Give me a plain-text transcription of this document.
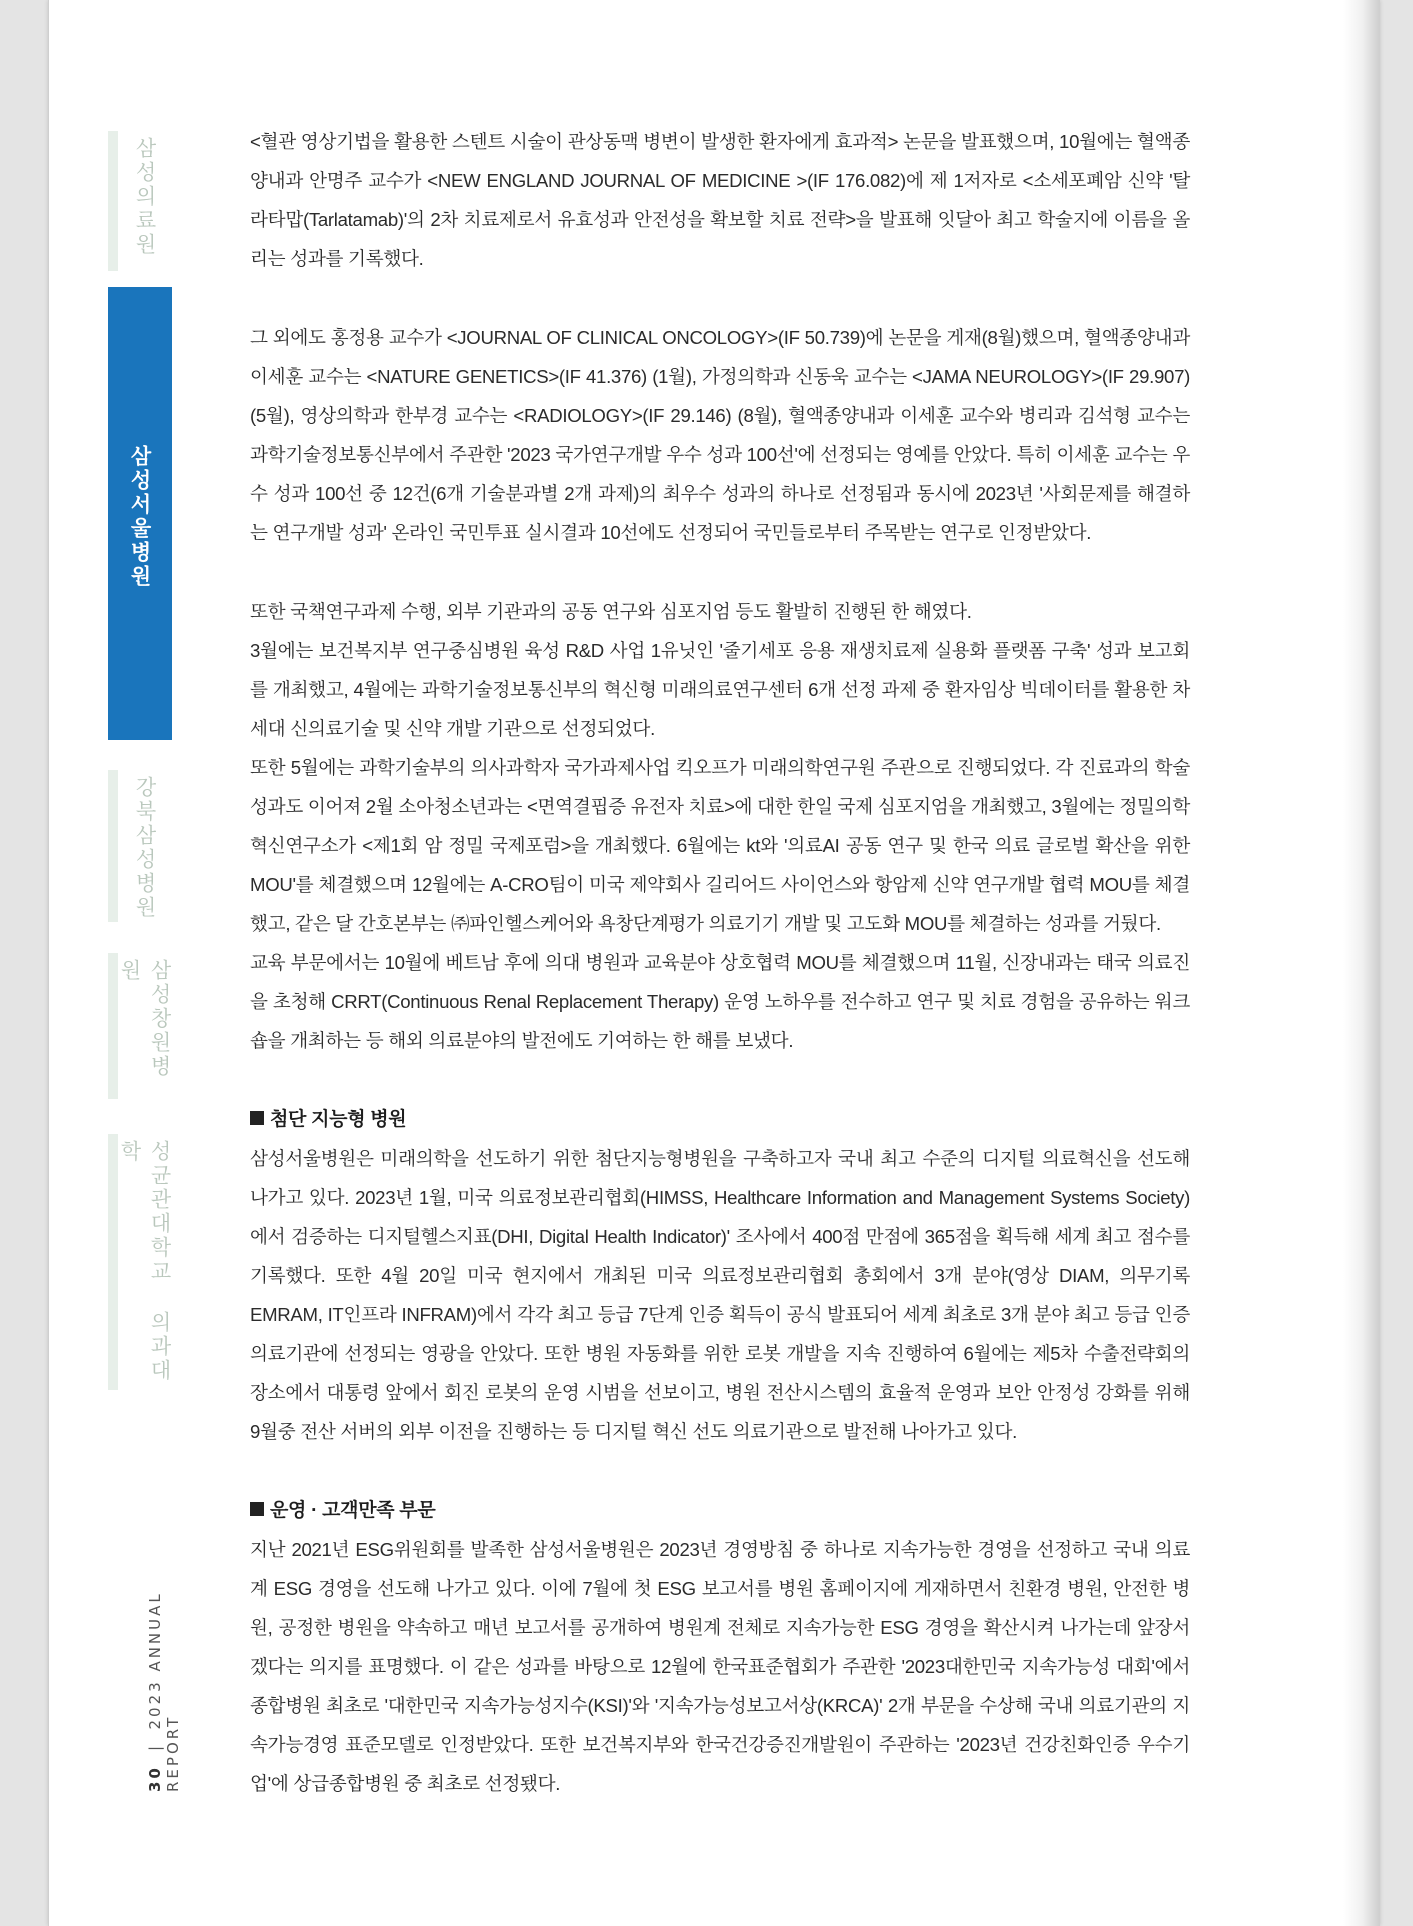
삼성의료원
삼성서울병원
강북삼성병원
삼성창원병원
성균관대학교 의과대학
30 | 2023 ANNUAL REPORT

<혈관 영상기법을 활용한 스텐트 시술이 관상동맥 병변이 발생한 환자에게 효과적> 논문을 발표했으며, 10월에는 혈액종양내과 안명주 교수가 <NEW ENGLAND JOURNAL OF MEDICINE >(IF 176.082)에 제 1저자로 <소세포폐암 신약 '탈라타맙(Tarlatamab)'의 2차 치료제로서 유효성과 안전성을 확보할 치료 전략>을 발표해 잇달아 최고 학술지에 이름을 올리는 성과를 기록했다.

그 외에도 홍정용 교수가 <JOURNAL OF CLINICAL ONCOLOGY>(IF 50.739)에 논문을 게재(8월)했으며, 혈액종양내과 이세훈 교수는 <NATURE GENETICS>(IF 41.376) (1월), 가정의학과 신동욱 교수는 <JAMA NEUROLOGY>(IF 29.907)(5월), 영상의학과 한부경 교수는 <RADIOLOGY>(IF 29.146) (8월), 혈액종양내과 이세훈 교수와 병리과 김석형 교수는 과학기술정보통신부에서 주관한 '2023 국가연구개발 우수 성과 100선'에 선정되는 영예를 안았다. 특히 이세훈 교수는 우수 성과 100선 중 12건(6개 기술분과별 2개 과제)의 최우수 성과의 하나로 선정됨과 동시에 2023년 '사회문제를 해결하는 연구개발 성과' 온라인 국민투표 실시결과 10선에도 선정되어 국민들로부터 주목받는 연구로 인정받았다.

또한 국책연구과제 수행, 외부 기관과의 공동 연구와 심포지엄 등도 활발히 진행된 한 해였다.

3월에는 보건복지부 연구중심병원 육성 R&D 사업 1유닛인 '줄기세포 응용 재생치료제 실용화 플랫폼 구축' 성과 보고회를 개최했고, 4월에는 과학기술정보통신부의 혁신형 미래의료연구센터 6개 선정 과제 중 환자임상 빅데이터를 활용한 차세대 신의료기술 및 신약 개발 기관으로 선정되었다.

또한 5월에는 과학기술부의 의사과학자 국가과제사업 킥오프가 미래의학연구원 주관으로 진행되었다. 각 진료과의 학술성과도 이어져 2월 소아청소년과는 <면역결핍증 유전자 치료>에 대한 한일 국제 심포지엄을 개최했고, 3월에는 정밀의학혁신연구소가 <제1회 암 정밀 국제포럼>을 개최했다. 6월에는 kt와 '의료AI 공동 연구 및 한국 의료 글로벌 확산을 위한 MOU'를 체결했으며 12월에는 A-CRO팀이 미국 제약회사 길리어드 사이언스와 항암제 신약 연구개발 협력 MOU를 체결했고, 같은 달 간호본부는 ㈜파인헬스케어와 욕창단계평가 의료기기 개발 및 고도화 MOU를 체결하는 성과를 거뒀다.

교육 부문에서는 10월에 베트남 후에 의대 병원과 교육분야 상호협력 MOU를 체결했으며 11월, 신장내과는 태국 의료진을 초청해 CRRT(Continuous Renal Replacement Therapy) 운영 노하우를 전수하고 연구 및 치료 경험을 공유하는 워크숍을 개최하는 등 해외 의료분야의 발전에도 기여하는 한 해를 보냈다.

첨단 지능형 병원

삼성서울병원은 미래의학을 선도하기 위한 첨단지능형병원을 구축하고자 국내 최고 수준의 디지털 의료혁신을 선도해 나가고 있다. 2023년 1월, 미국 의료정보관리협회(HIMSS, Healthcare Information and Management Systems Society)에서 검증하는 디지털헬스지표(DHI, Digital Health Indicator)' 조사에서 400점 만점에 365점을 획득해 세계 최고 점수를 기록했다. 또한 4월 20일 미국 현지에서 개최된 미국 의료정보관리협회 총회에서 3개 분야(영상 DIAM, 의무기록 EMRAM, IT인프라 INFRAM)에서 각각 최고 등급 7단계 인증 획득이 공식 발표되어 세계 최초로 3개 분야 최고 등급 인증 의료기관에 선정되는 영광을 안았다. 또한 병원 자동화를 위한 로봇 개발을 지속 진행하여 6월에는 제5차 수출전략회의 장소에서 대통령 앞에서 회진 로봇의 운영 시범을 선보이고, 병원 전산시스템의 효율적 운영과 보안 안정성 강화를 위해 9월중 전산 서버의 외부 이전을 진행하는 등 디지털 혁신 선도 의료기관으로 발전해 나아가고 있다.

운영 · 고객만족 부문

지난 2021년 ESG위원회를 발족한 삼성서울병원은 2023년 경영방침 중 하나로 지속가능한 경영을 선정하고 국내 의료계 ESG 경영을 선도해 나가고 있다. 이에 7월에 첫 ESG 보고서를 병원 홈페이지에 게재하면서 친환경 병원, 안전한 병원, 공정한 병원을 약속하고 매년 보고서를 공개하여 병원계 전체로 지속가능한 ESG 경영을 확산시켜 나가는데 앞장서겠다는 의지를 표명했다. 이 같은 성과를 바탕으로 12월에 한국표준협회가 주관한 '2023대한민국 지속가능성 대회'에서 종합병원 최초로 '대한민국 지속가능성지수(KSI)'와 '지속가능성보고서상(KRCA)' 2개 부문을 수상해 국내 의료기관의 지속가능경영 표준모델로 인정받았다. 또한 보건복지부와 한국건강증진개발원이 주관하는 '2023년 건강친화인증 우수기업'에 상급종합병원 중 최초로 선정됐다.
